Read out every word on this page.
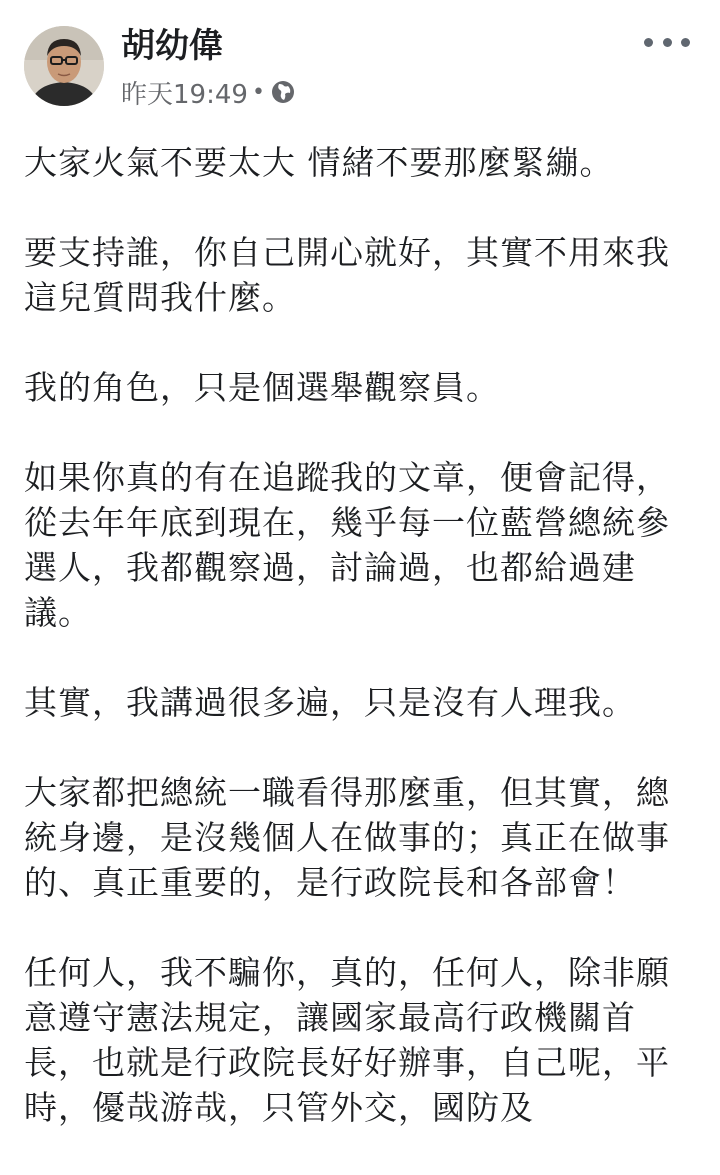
胡幼偉
昨天19:49 •

大家火氣不要太大 情緒不要那麼緊繃。

要支持誰，你自己開心就好，其實不用來我這兒質問我什麼。

我的角色，只是個選舉觀察員。

如果你真的有在追蹤我的文章，便會記得，從去年年底到現在，幾乎每一位藍營總統參選人，我都觀察過，討論過，也都給過建議。

其實，我講過很多遍，只是沒有人理我。

大家都把總統一職看得那麼重，但其實，總統身邊，是沒幾個人在做事的；真正在做事的、真正重要的，是行政院長和各部會！

任何人，我不騙你，真的，任何人，除非願意遵守憲法規定，讓國家最高行政機關首長，也就是行政院長好好辦事，自己呢，平時，優哉游哉，只管外交，國防及
